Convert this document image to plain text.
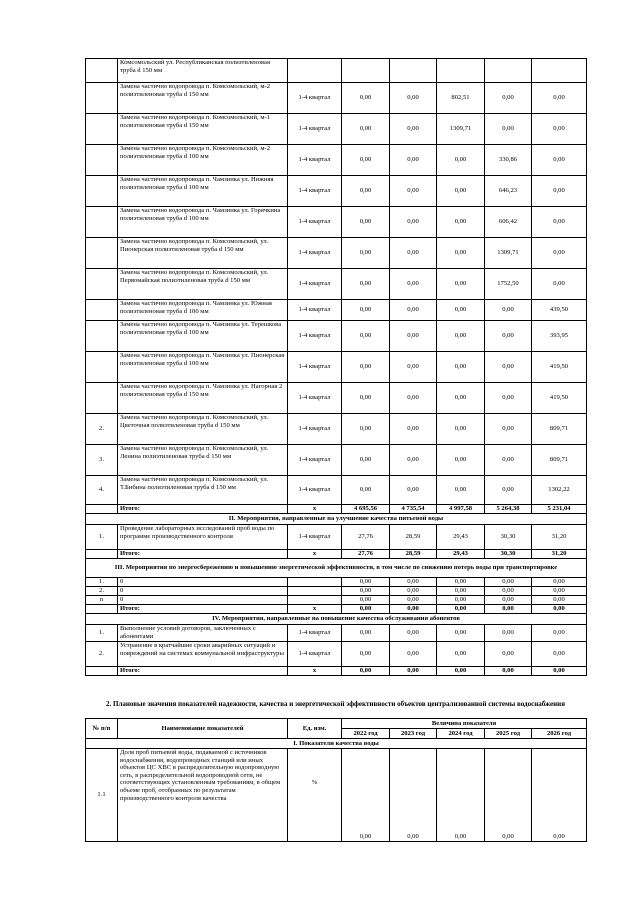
	Комсомольский ул. Республиканская полиэтиленовая труба d 150 мм						
	Замена частично водопровода п. Комсомольский, м-2 полиэтиленовая труба d 150 мм	1-4 квартал	0,00	0,00	802,51	0,00	0,00
	Замена частично водопровода п. Комсомольский, м-1 полиэтиленовая труба d 150 мм	1-4 квартал	0,00	0,00	1309,71	0,00	0,00
	Замена частично водопровода п. Комсомольский, м-2 полиэтиленовая труба d 100 мм	1-4 квартал	0,00	0,00	0,00	330,86	0,00
	Замена частично водопровода п. Чамзинка ул. Нижняя полиэтиленовая труба d 100 мм	1-4 квартал	0,00	0,00	0,00	646,23	0,00
	Замена частично водопровода п. Чамзинка ул. Горячкина полиэтиленовая труба d 100 мм	1-4 квартал	0,00	0,00	0,00	606,42	0,00
	Замена частично водопровода п. Комсомольский, ул. Пионерская полиэтиленовая труба d 150 мм	1-4 квартал	0,00	0,00	0,00	1309,71	0,00
	Замена частично водопровода п. Комсомольский, ул. Первомайская полиэтиленовая труба d 150 мм	1-4 квартал	0,00	0,00	0,00	1752,50	0,00
	Замена частично водопровода п. Чамзинка ул. Южная полиэтиленовая труба d 100 мм	1-4 квартал	0,00	0,00	0,00	0,00	439,50
	Замена частично водопровода п. Чамзинка ул. Терешкова полиэтиленовая труба d 100 мм	1-4 квартал	0,00	0,00	0,00	0,00	393,95
	Замена частично водопровода п. Чамзинка ул. Пионерская полиэтиленовая труба d 100 мм	1-4 квартал	0,00	0,00	0,00	0,00	419,50
	Замена частично водопровода п. Чамзинка ул. Нагорная 2 полиэтиленовая труба d 150 мм	1-4 квартал	0,00	0,00	0,00	0,00	419,50
2.	Замена частично водопровода п. Комсомольский, ул. Цветочная полиэтиленовая труба d 150 мм	1-4 квартал	0,00	0,00	0,00	0,00	809,71
3.	Замена частично водопровода п. Комсомольский, ул. Ленина полиэтиленовая труба d 150 мм	1-4 квартал	0,00	0,00	0,00	0,00	809,71
4.	Замена частично водопровода п. Комсомольский, ул. Т.Бибина полиэтиленовая труба d 150 мм	1-4 квартал	0,00	0,00	0,00	0,00	1302,22
	Итого:	х	4 695,56	4 735,54	4 997,58	5 264,38	5 231,04
II. Мероприятия, направленные на улучшение качества питьевой воды							
1.	Проведение лабораторных исследований проб воды по программе производственного контроля	1-4 квартал	27,76	28,59	29,43	30,30	31,20
	Итого:	х	27,76	28,59	29,43	30,30	31,20
III. Мероприятия по энергосбережению и повышению энергетической эффективности, в том числе по снижению потерь воды при транспортировке							
1.	0		0,00	0,00	0,00	0,00	0,00
2.	0		0,00	0,00	0,00	0,00	0,00
n	0		0,00	0,00	0,00	0,00	0,00
	Итого:	х	0,00	0,00	0,00	0,00	0,00
IV. Мероприятия, направленные на повышение качества обслуживания абонентов							
1.	Выполнение условий договоров, заключенных с абонентами	1-4 квартал	0,00	0,00	0,00	0,00	0,00
2.	Устранение в кратчайшие сроки аварийных ситуаций и повреждений на системах коммунальной инфраструктуры	1-4 квартал	0,00	0,00	0,00	0,00	0,00
	Итого:	х	0,00	0,00	0,00	0,00	0,00
2. Плановые значения показателей надежности, качества и энергетической эффективности объектов централизованной системы водоснабжения
№ п/п	Наименование показателей	Ед. изм.	Величина показателя				
			2022 год	2023 год	2024 год	2025 год	2026 год
I. Показатели качества воды							
1.1	Доля проб питьевой воды, подаваемой с источников водоснабжения, водопроводных станций или иных объектов ЦС ХВС в распределительную водопроводную сеть, в распределительной водопроводной сети, не соответствующих установленным требованиям, в общем объеме проб, отобранных по результатам производственного контроля качества	%	0,00	0,00	0,00	0,00	0,00
